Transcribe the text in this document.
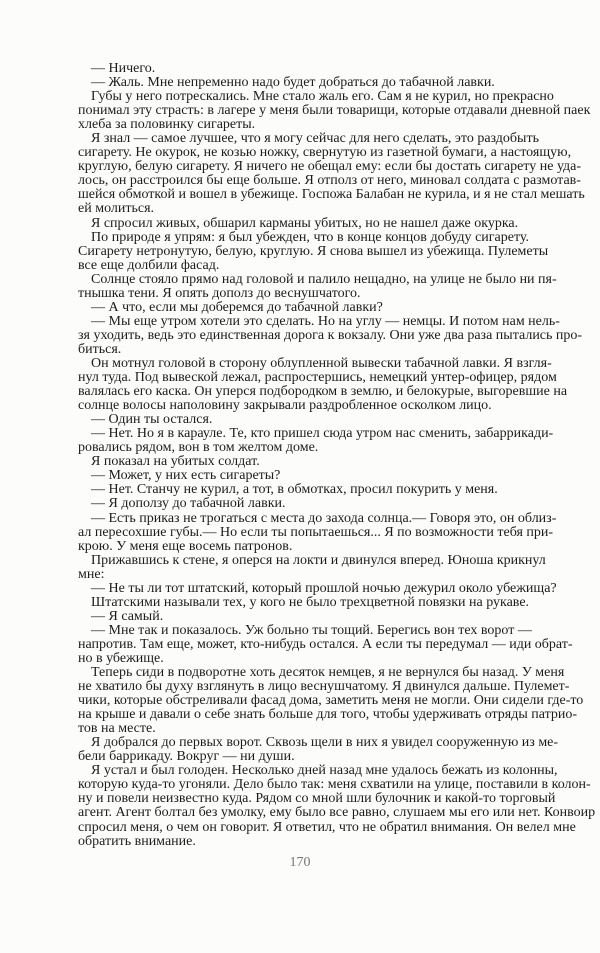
— Ничего.
— Жаль. Мне непременно надо будет добраться до табачной лавки.
Губы у него потрескались. Мне стало жаль его. Сам я не курил, но прекрасно
понимал эту страсть: в лагере у меня были товарищи, которые отдавали дневной паек
хлеба за половинку сигареты.
Я знал — самое лучшее, что я могу сейчас для него сделать, это раздобыть
сигарету. Не окурок, не козью ножку, свернутую из газетной бумаги, а настоящую,
круглую, белую сигарету. Я ничего не обещал ему: если бы достать сигарету не уда-
лось, он расстроился бы еще больше. Я отполз от него, миновал солдата с размотав-
шейся обмоткой и вошел в убежище. Госпожа Балабан не курила, и я не стал мешать
ей молиться.
Я спросил живых, обшарил карманы убитых, но не нашел даже окурка.
По природе я упрям: я был убежден, что в конце концов добуду сигарету.
Сигарету нетронутую, белую, круглую. Я снова вышел из убежища. Пулеметы
все еще долбили фасад.
Солнце стояло прямо над головой и палило нещадно, на улице не было ни пя-
тнышка тени. Я опять дополз до веснушчатого.
— А что, если мы доберемся до табачной лавки?
— Мы еще утром хотели это сделать. Но на углу — немцы. И потом нам нель-
зя уходить, ведь это единственная дорога к вокзалу. Они уже два раза пытались про-
биться.
Он мотнул головой в сторону облупленной вывески табачной лавки. Я взгля-
нул туда. Под вывеской лежал, распростершись, немецкий унтер-офицер, рядом
валялась его каска. Он уперся подбородком в землю, и белокурые, выгоревшие на
солнце волосы наполовину закрывали раздробленное осколком лицо.
— Один ты остался.
— Нет. Но я в карауле. Те, кто пришел сюда утром нас сменить, забаррикади-
ровались рядом, вон в том желтом доме.
Я показал на убитых солдат.
— Может, у них есть сигареты?
— Нет. Станчу не курил, а тот, в обмотках, просил покурить у меня.
— Я доползу до табачной лавки.
— Есть приказ не трогаться с места до захода солнца.— Говоря это, он облиз-
ал пересохшие губы.— Но если ты попытаешься... Я по возможности тебя при-
крою. У меня еще восемь патронов.
Прижавшись к стене, я оперся на локти и двинулся вперед. Юноша крикнул
мне:
— Не ты ли тот штатский, который прошлой ночью дежурил около убежища?
Штатскими называли тех, у кого не было трехцветной повязки на рукаве.
— Я самый.
— Мне так и показалось. Уж больно ты тощий. Берегись вон тех ворот —
напротив. Там еще, может, кто-нибудь остался. А если ты передумал — иди обрат-
но в убежище.
Теперь сиди в подворотне хоть десяток немцев, я не вернулся бы назад. У меня
не хватило бы духу взглянуть в лицо веснушчатому. Я двинулся дальше. Пулемет-
чики, которые обстреливали фасад дома, заметить меня не могли. Они сидели где-то
на крыше и давали о себе знать больше для того, чтобы удерживать отряды патрио-
тов на месте.
Я добрался до первых ворот. Сквозь щели в них я увидел сооруженную из ме-
бели баррикаду. Вокруг — ни души.
Я устал и был голоден. Несколько дней назад мне удалось бежать из колонны,
которую куда-то угоняли. Дело было так: меня схватили на улице, поставили в колон-
ну и повели неизвестно куда. Рядом со мной шли булочник и какой-то торговый
агент. Агент болтал без умолку, ему было все равно, слушаем мы его или нет. Конвоир
спросил меня, о чем он говорит. Я ответил, что не обратил внимания. Он велел мне
обратить внимание.
170
